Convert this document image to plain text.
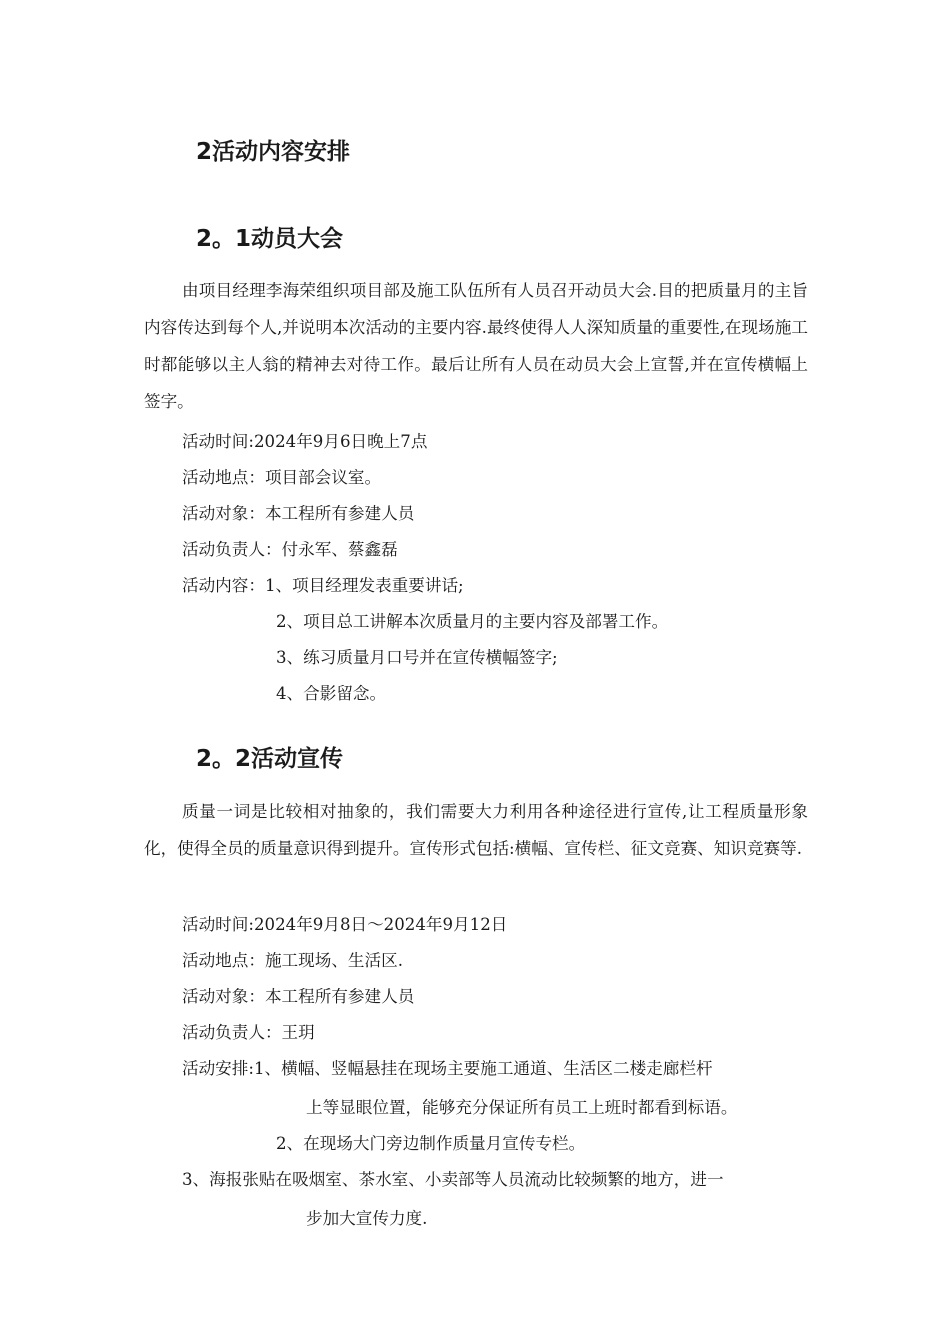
2活动内容安排
2。1动员大会

由项目经理李海荣组织项目部及施工队伍所有人员召开动员大会.目的把质量月的主旨内容传达到每个人,并说明本次活动的主要内容.最终使得人人深知质量的重要性,在现场施工时都能够以主人翁的精神去对待工作。最后让所有人员在动员大会上宣誓,并在宣传横幅上签字。

活动时间:2024年9月6日晚上7点
活动地点：项目部会议室。
活动对象：本工程所有参建人员
活动负责人：付永军、蔡鑫磊
活动内容：1、项目经理发表重要讲话;
2、项目总工讲解本次质量月的主要内容及部署工作。
3、练习质量月口号并在宣传横幅签字;
4、合影留念。
2。2活动宣传

质量一词是比较相对抽象的，我们需要大力利用各种途径进行宣传,让工程质量形象化，使得全员的质量意识得到提升。宣传形式包括:横幅、宣传栏、征文竞赛、知识竞赛等.

活动时间:2024年9月8日～2024年9月12日
活动地点：施工现场、生活区.
活动对象：本工程所有参建人员
活动负责人：王玥
活动安排:1、横幅、竖幅悬挂在现场主要施工通道、生活区二楼走廊栏杆
上等显眼位置，能够充分保证所有员工上班时都看到标语。
2、在现场大门旁边制作质量月宣传专栏。
3、海报张贴在吸烟室、茶水室、小卖部等人员流动比较频繁的地方，进一
步加大宣传力度.
